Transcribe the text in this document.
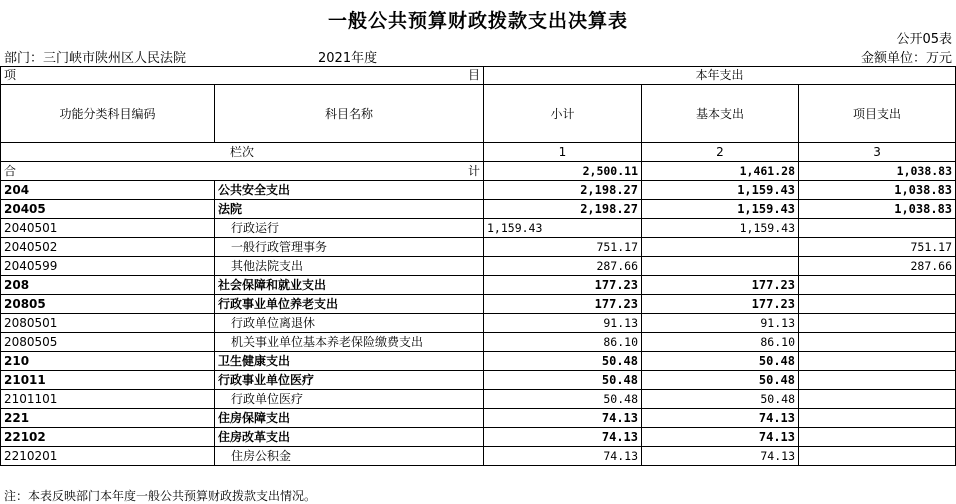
一般公共预算财政拨款支出决算表
公开05表
部门：三门峡市陕州区人民法院	2021年度	金额单位：万元
项 目		本年支出		
功能分类科目编码	科目名称	小计	基本支出	项目支出
栏次		1	2	3

合 计		2,500.11	1,461.28	1,038.83
204	公共安全支出	2,198.27	1,159.43	1,038.83
20405	法院	2,198.27	1,159.43	1,038.83
2040501	行政运行	1,159.43	1,159.43	
2040502	一般行政管理事务	751.17		751.17
2040599	其他法院支出	287.66		287.66
208	社会保障和就业支出	177.23	177.23	
20805	行政事业单位养老支出	177.23	177.23	
2080501	行政单位离退休	91.13	91.13	
2080505	机关事业单位基本养老保险缴费支出	86.10	86.10	
210	卫生健康支出	50.48	50.48	
21011	行政事业单位医疗	50.48	50.48	
2101101	行政单位医疗	50.48	50.48	
221	住房保障支出	74.13	74.13	
22102	住房改革支出	74.13	74.13	
2210201	住房公积金	74.13	74.13	
注：本表反映部门本年度一般公共预算财政拨款支出情况。
